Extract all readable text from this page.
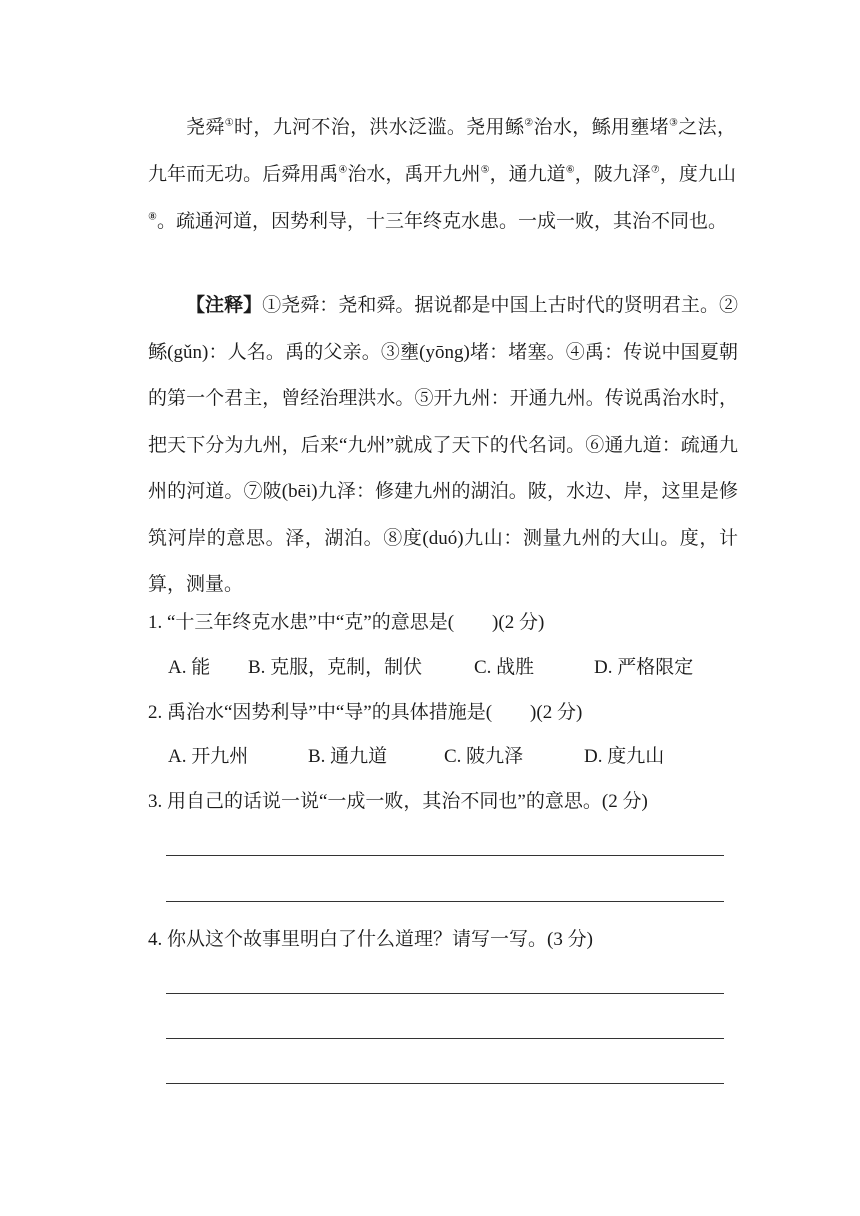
尧舜①时，九河不治，洪水泛滥。尧用鲧②治水，鲧用壅堵③之法，九年而无功。后舜用禹④治水，禹开九州⑤，通九道⑥，陂九泽⑦，度九山⑧。疏通河道，因势利导，十三年终克水患。一成一败，其治不同也。

【注释】①尧舜：尧和舜。据说都是中国上古时代的贤明君主。②鲧(gǔn)：人名。禹的父亲。③壅(yōng)堵：堵塞。④禹：传说中国夏朝的第一个君主，曾经治理洪水。⑤开九州：开通九州。传说禹治水时，把天下分为九州，后来“九州”就成了天下的代名词。⑥通九道：疏通九州的河道。⑦陂(bēi)九泽：修建九州的湖泊。陂，水边、岸，这里是修筑河岸的意思。泽，湖泊。⑧度(duó)九山：测量九州的大山。度，计算，测量。

1. “十三年终克水患”中“克”的意思是(　　)(2 分)
A. 能 B. 克服，克制，制伏	C. 战胜	D. 严格限定
2. 禹治水“因势利导”中“导”的具体措施是(　　)(2 分)
A. 开九州	B. 通九道	C. 陂九泽	D. 度九山
3. 用自己的话说一说“一成一败，其治不同也”的意思。(2 分)
4. 你从这个故事里明白了什么道理？请写一写。(3 分)
